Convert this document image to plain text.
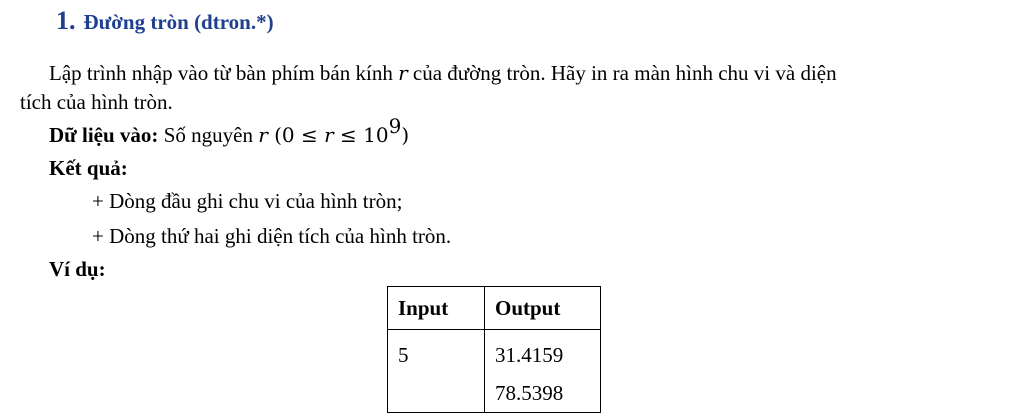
1. Đường tròn (dtron.*)
Lập trình nhập vào từ bàn phím bán kính r của đường tròn. Hãy in ra màn hình chu vi và diện
tích của hình tròn.
Dữ liệu vào: Số nguyên r $(0 \le r \le 10^9)$
Kết quả:
+ Dòng đầu ghi chu vi của hình tròn;
+ Dòng thứ hai ghi diện tích của hình tròn.
Ví dụ:
Input	Output

5	31.4159
78.5398
